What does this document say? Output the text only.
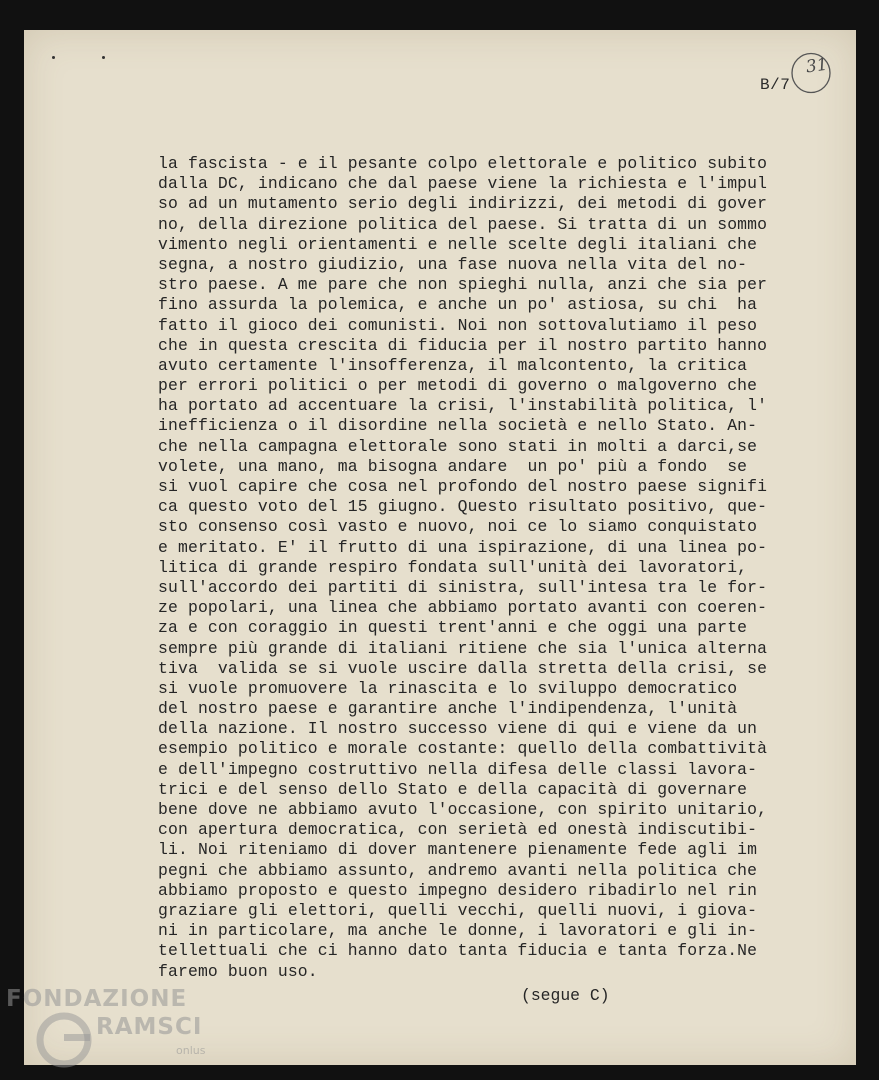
31
B/7
la fascista - e il pesante colpo elettorale e politico subito
dalla DC, indicano che dal paese viene la richiesta e l'impul
so ad un mutamento serio degli indirizzi, dei metodi di gover
no, della direzione politica del paese. Si tratta di un sommo
vimento negli orientamenti e nelle scelte degli italiani che
segna, a nostro giudizio, una fase nuova nella vita del no-
stro paese. A me pare che non spieghi nulla, anzi che sia per
fino assurda la polemica, e anche un po' astiosa, su chi  ha
fatto il gioco dei comunisti. Noi non sottovalutiamo il peso
che in questa crescita di fiducia per il nostro partito hanno
avuto certamente l'insofferenza, il malcontento, la critica
per errori politici o per metodi di governo o malgoverno che
ha portato ad accentuare la crisi, l'instabilità politica, l'
inefficienza o il disordine nella società e nello Stato. An-
che nella campagna elettorale sono stati in molti a darci,se
volete, una mano, ma bisogna andare  un po' più a fondo  se
si vuol capire che cosa nel profondo del nostro paese signifi
ca questo voto del 15 giugno. Questo risultato positivo, que-
sto consenso così vasto e nuovo, noi ce lo siamo conquistato
e meritato. E' il frutto di una ispirazione, di una linea po-
litica di grande respiro fondata sull'unità dei lavoratori,
sull'accordo dei partiti di sinistra, sull'intesa tra le for-
ze popolari, una linea che abbiamo portato avanti con coeren-
za e con coraggio in questi trent'anni e che oggi una parte
sempre più grande di italiani ritiene che sia l'unica alterna
tiva  valida se si vuole uscire dalla stretta della crisi, se
si vuole promuovere la rinascita e lo sviluppo democratico
del nostro paese e garantire anche l'indipendenza, l'unità
della nazione. Il nostro successo viene di qui e viene da un
esempio politico e morale costante: quello della combattività
e dell'impegno costruttivo nella difesa delle classi lavora-
trici e del senso dello Stato e della capacità di governare
bene dove ne abbiamo avuto l'occasione, con spirito unitario,
con apertura democratica, con serietà ed onestà indiscutibi-
li. Noi riteniamo di dover mantenere pienamente fede agli im
pegni che abbiamo assunto, andremo avanti nella politica che
abbiamo proposto e questo impegno desidero ribadirlo nel rin
graziare gli elettori, quelli vecchi, quelli nuovi, i giova-
ni in particolare, ma anche le donne, i lavoratori e gli in-
tellettuali che ci hanno dato tanta fiducia e tanta forza.Ne
faremo buon uso.
(segue C)
FONDAZIONE
RAMSCI
onlus
